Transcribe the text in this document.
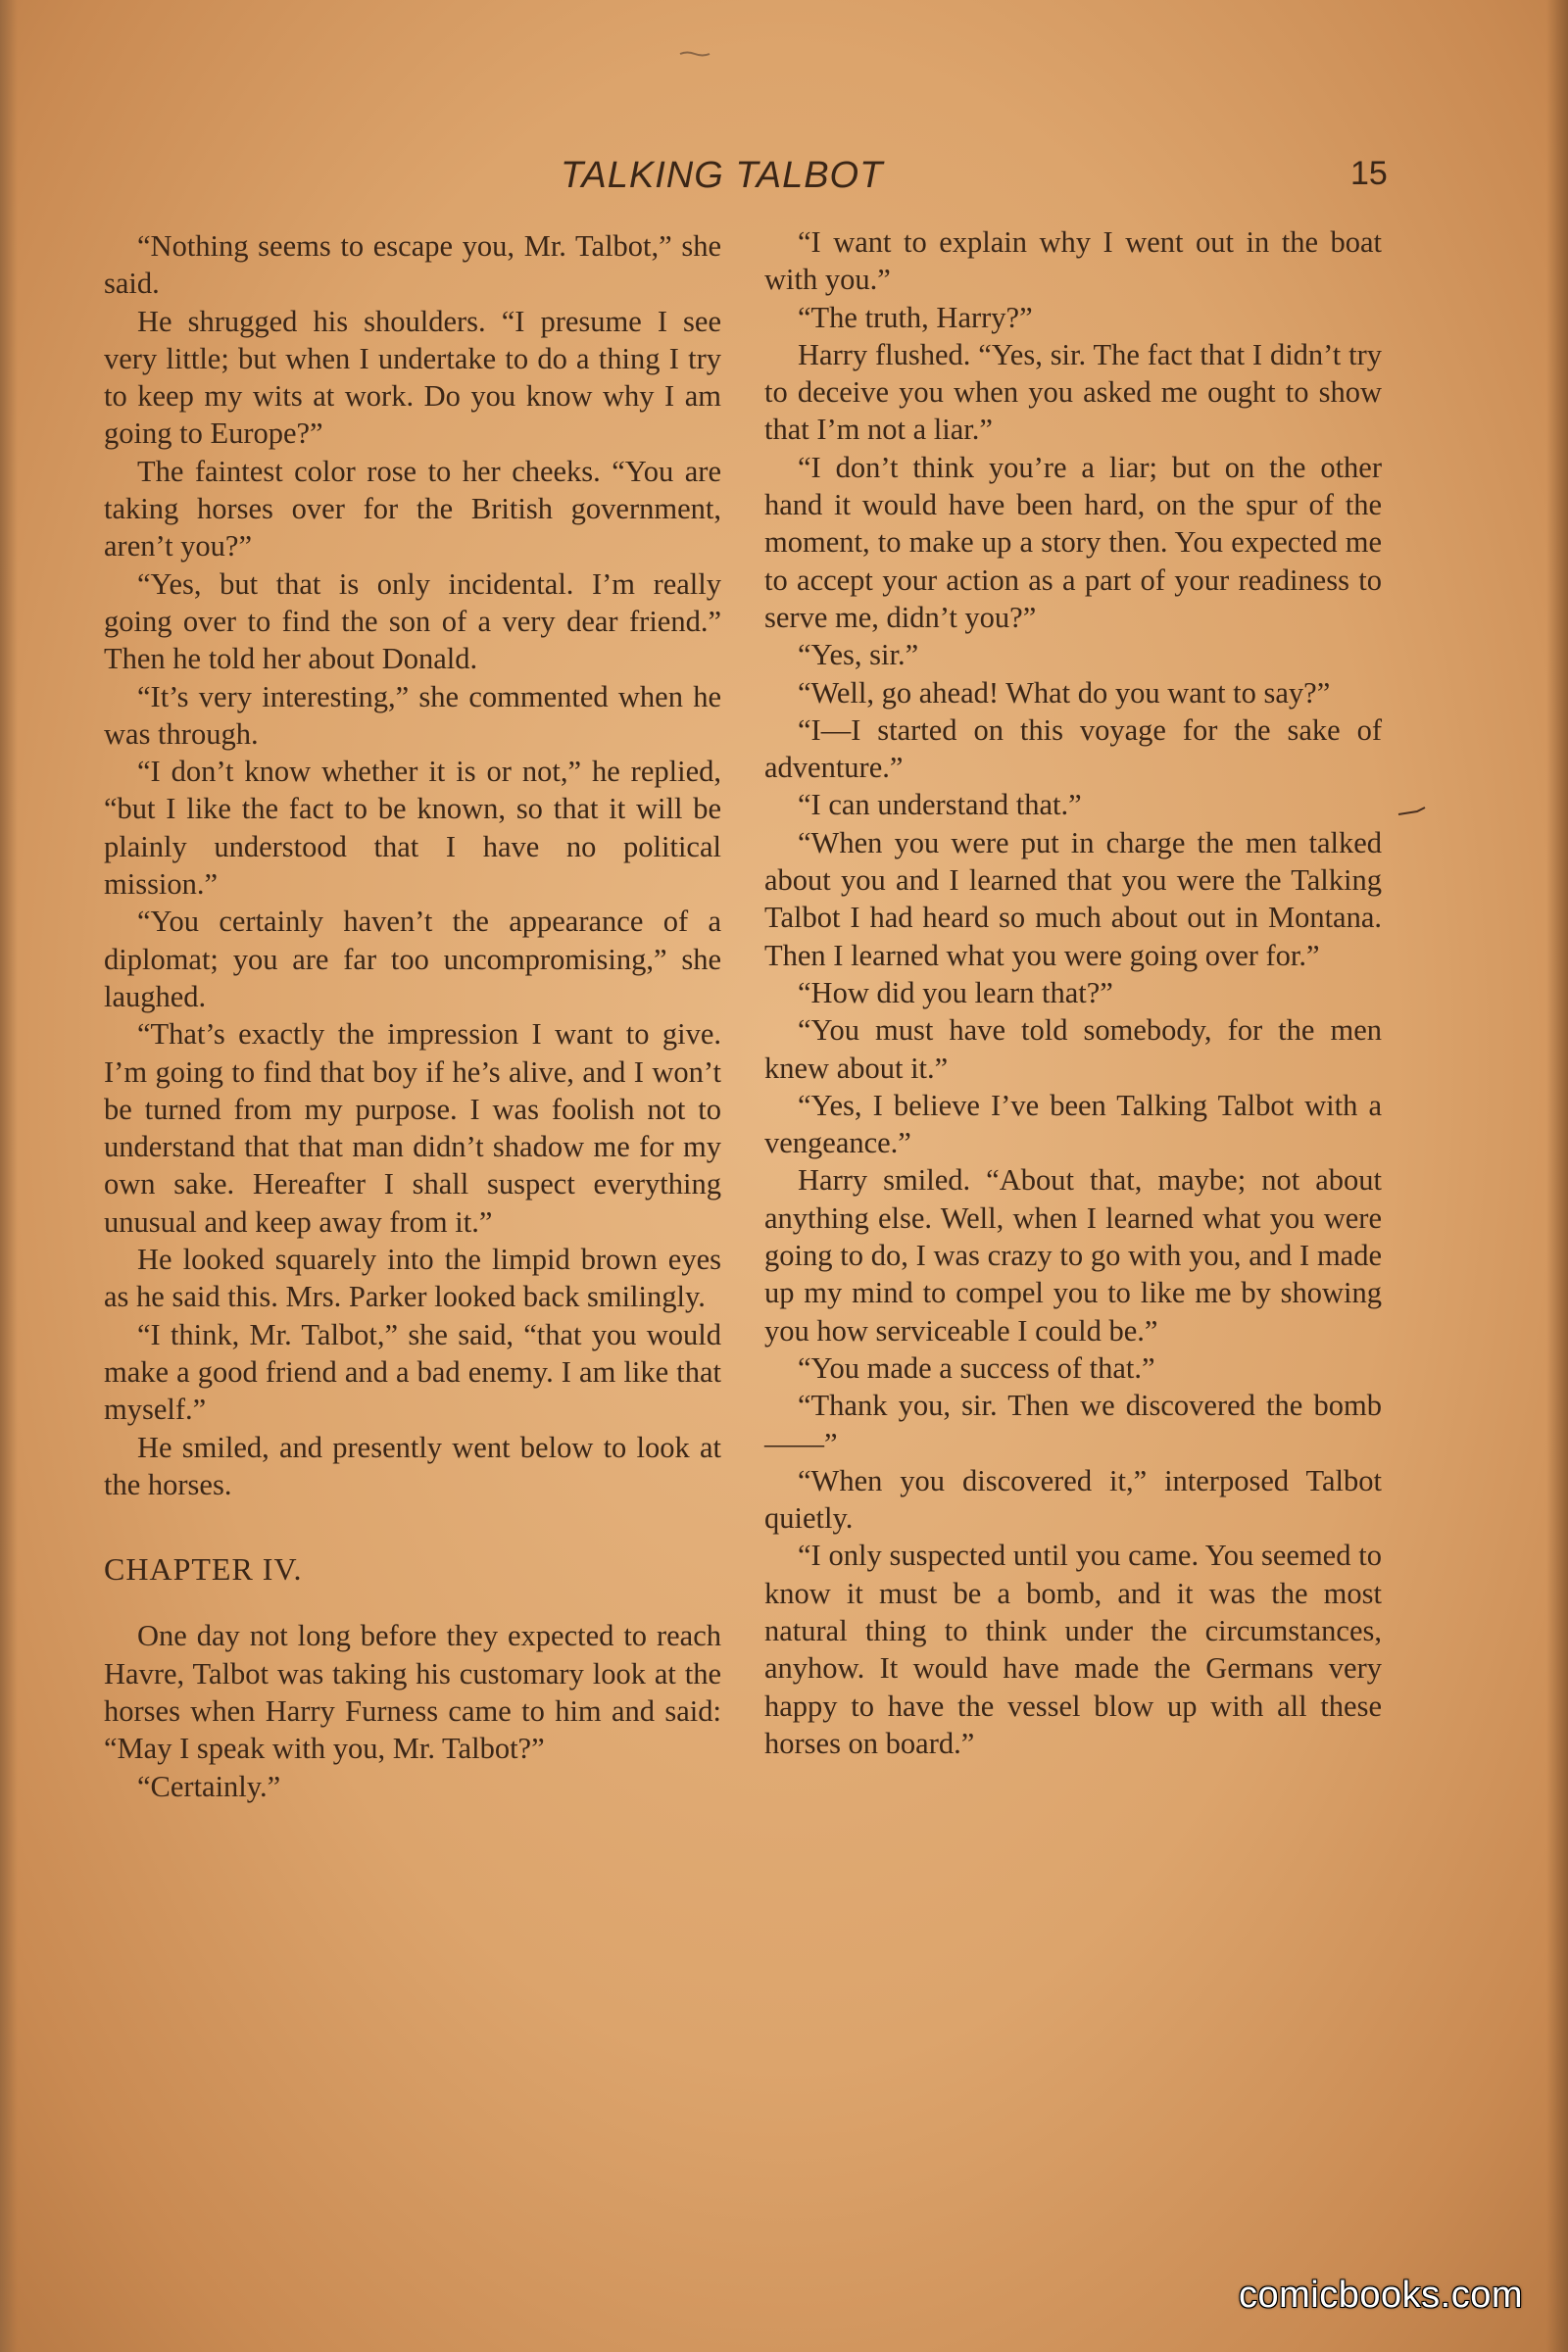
TALKING TALBOT	15

“Nothing seems to escape you, Mr. Talbot,” she said.

He shrugged his shoulders. “I presume I see very little; but when I undertake to do a thing I try to keep my wits at work. Do you know why I am going to Europe?”

The faintest color rose to her cheeks. “You are taking horses over for the British government, aren’t you?”

“Yes, but that is only incidental. I’m really going over to find the son of a very dear friend.” Then he told her about Donald.

“It’s very interesting,” she commented when he was through.

“I don’t know whether it is or not,” he replied, “but I like the fact to be known, so that it will be plainly understood that I have no political mission.”

“You certainly haven’t the appearance of a diplomat; you are far too uncompromising,” she laughed.

“That’s exactly the impression I want to give. I’m going to find that boy if he’s alive, and I won’t be turned from my purpose. I was foolish not to understand that that man didn’t shadow me for my own sake. Hereafter I shall suspect everything unusual and keep away from it.”

He looked squarely into the limpid brown eyes as he said this. Mrs. Parker looked back smilingly.

“I think, Mr. Talbot,” she said, “that you would make a good friend and a bad enemy. I am like that myself.”

He smiled, and presently went below to look at the horses.

CHAPTER IV.

One day not long before they expected to reach Havre, Talbot was taking his customary look at the horses when Harry Furness came to him and said: “May I speak with you, Mr. Talbot?”

“Certainly.”

“I want to explain why I went out in the boat with you.”

“The truth, Harry?”

Harry flushed. “Yes, sir. The fact that I didn’t try to deceive you when you asked me ought to show that I’m not a liar.”

“I don’t think you’re a liar; but on the other hand it would have been hard, on the spur of the moment, to make up a story then. You expected me to accept your action as a part of your readiness to serve me, didn’t you?”

“Yes, sir.”

“Well, go ahead! What do you want to say?”

“I—I started on this voyage for the sake of adventure.”

“I can understand that.”

“When you were put in charge the men talked about you and I learned that you were the Talking Talbot I had heard so much about out in Montana. Then I learned what you were going over for.”

“How did you learn that?”

“You must have told somebody, for the men knew about it.”

“Yes, I believe I’ve been Talking Talbot with a vengeance.”

Harry smiled. “About that, maybe; not about anything else. Well, when I learned what you were going to do, I was crazy to go with you, and I made up my mind to compel you to like me by showing you how serviceable I could be.”

“You made a success of that.”

“Thank you, sir. Then we discovered the bomb——”

“When you discovered it,” interposed Talbot quietly.

“I only suspected until you came. You seemed to know it must be a bomb, and it was the most natural thing to think under the circumstances, anyhow. It would have made the Germans very happy to have the vessel blow up with all these horses on board.”

comicbooks.com
